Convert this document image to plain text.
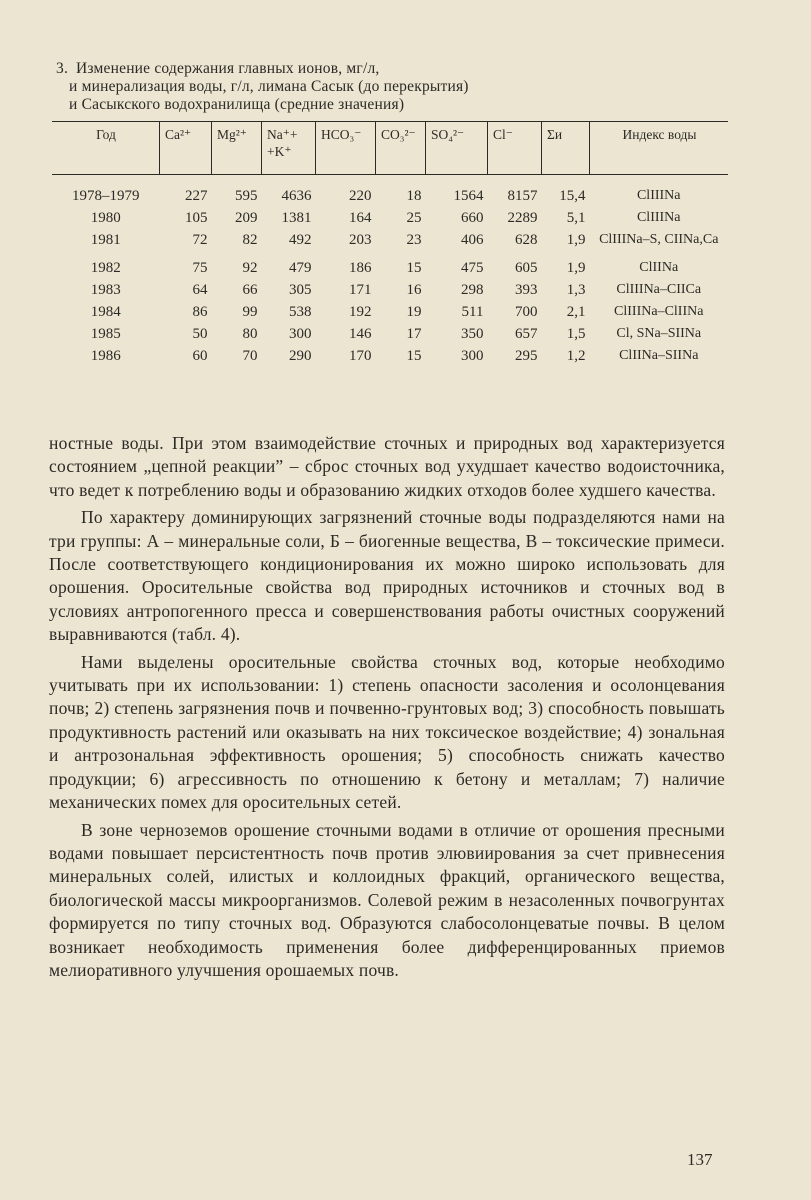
3. Изменение содержания главных ионов, мг/л,
и минерализация воды, г/л, лимана Сасык (до перекрытия)
и Сасыкского водохранилища (средние значения)
Год	Ca²⁺	Mg²⁺	Na⁺+
+K⁺	HCO₃⁻	CO₃²⁻	SO₄²⁻	Cl⁻	Σи	Индекс воды
1978–1979	227	595	4636	220	18	1564	8157	15,4	ClIIINa
1980	105	209	1381	164	25	660	2289	5,1	ClIIINa
1981	72	82	492	203	23	406	628	1,9	ClIIINa–S, CIINa,Ca
1982	75	92	479	186	15	475	605	1,9	ClIINa
1983	64	66	305	171	16	298	393	1,3	ClIIINa–CIICa
1984	86	99	538	192	19	511	700	2,1	ClIIINa–ClIINa
1985	50	80	300	146	17	350	657	1,5	Cl, SNa–SIINa
1986	60	70	290	170	15	300	295	1,2	ClIINa–SIINa

ностные воды. При этом взаимодействие сточных и природных вод характеризуется состоянием „цепной реакции” – сброс сточных вод ухудшает качество водоисточника, что ведет к потреблению воды и образованию жидких отходов более худшего качества.

По характеру доминирующих загрязнений сточные воды подразделяются нами на три группы: А – минеральные соли, Б – биогенные вещества, В – токсические примеси. После соответствующего кондиционирования их можно широко использовать для орошения. Оросительные свойства вод природных источников и сточных вод в условиях антропогенного пресса и совершенствования работы очистных сооружений выравниваются (табл. 4).

Нами выделены оросительные свойства сточных вод, которые необходимо учитывать при их использовании: 1) степень опасности засоления и осолонцевания почв; 2) степень загрязнения почв и почвенно-грунтовых вод; 3) способность повышать продуктивность растений или оказывать на них токсическое воздействие; 4) зональная и антрозональная эффективность орошения; 5) способность снижать качество продукции; 6) агрессивность по отношению к бетону и металлам; 7) наличие механических помех для оросительных сетей.

В зоне черноземов орошение сточными водами в отличие от орошения пресными водами повышает персистентность почв против элювиирования за счет привнесения минеральных солей, илистых и коллоидных фракций, органического вещества, биологической массы микроорганизмов. Солевой режим в незасоленных почвогрунтах формируется по типу сточных вод. Образуются слабосолонцеватые почвы. В целом возникает необходимость применения более дифференцированных приемов мелиоративного улучшения орошаемых почв.

137
